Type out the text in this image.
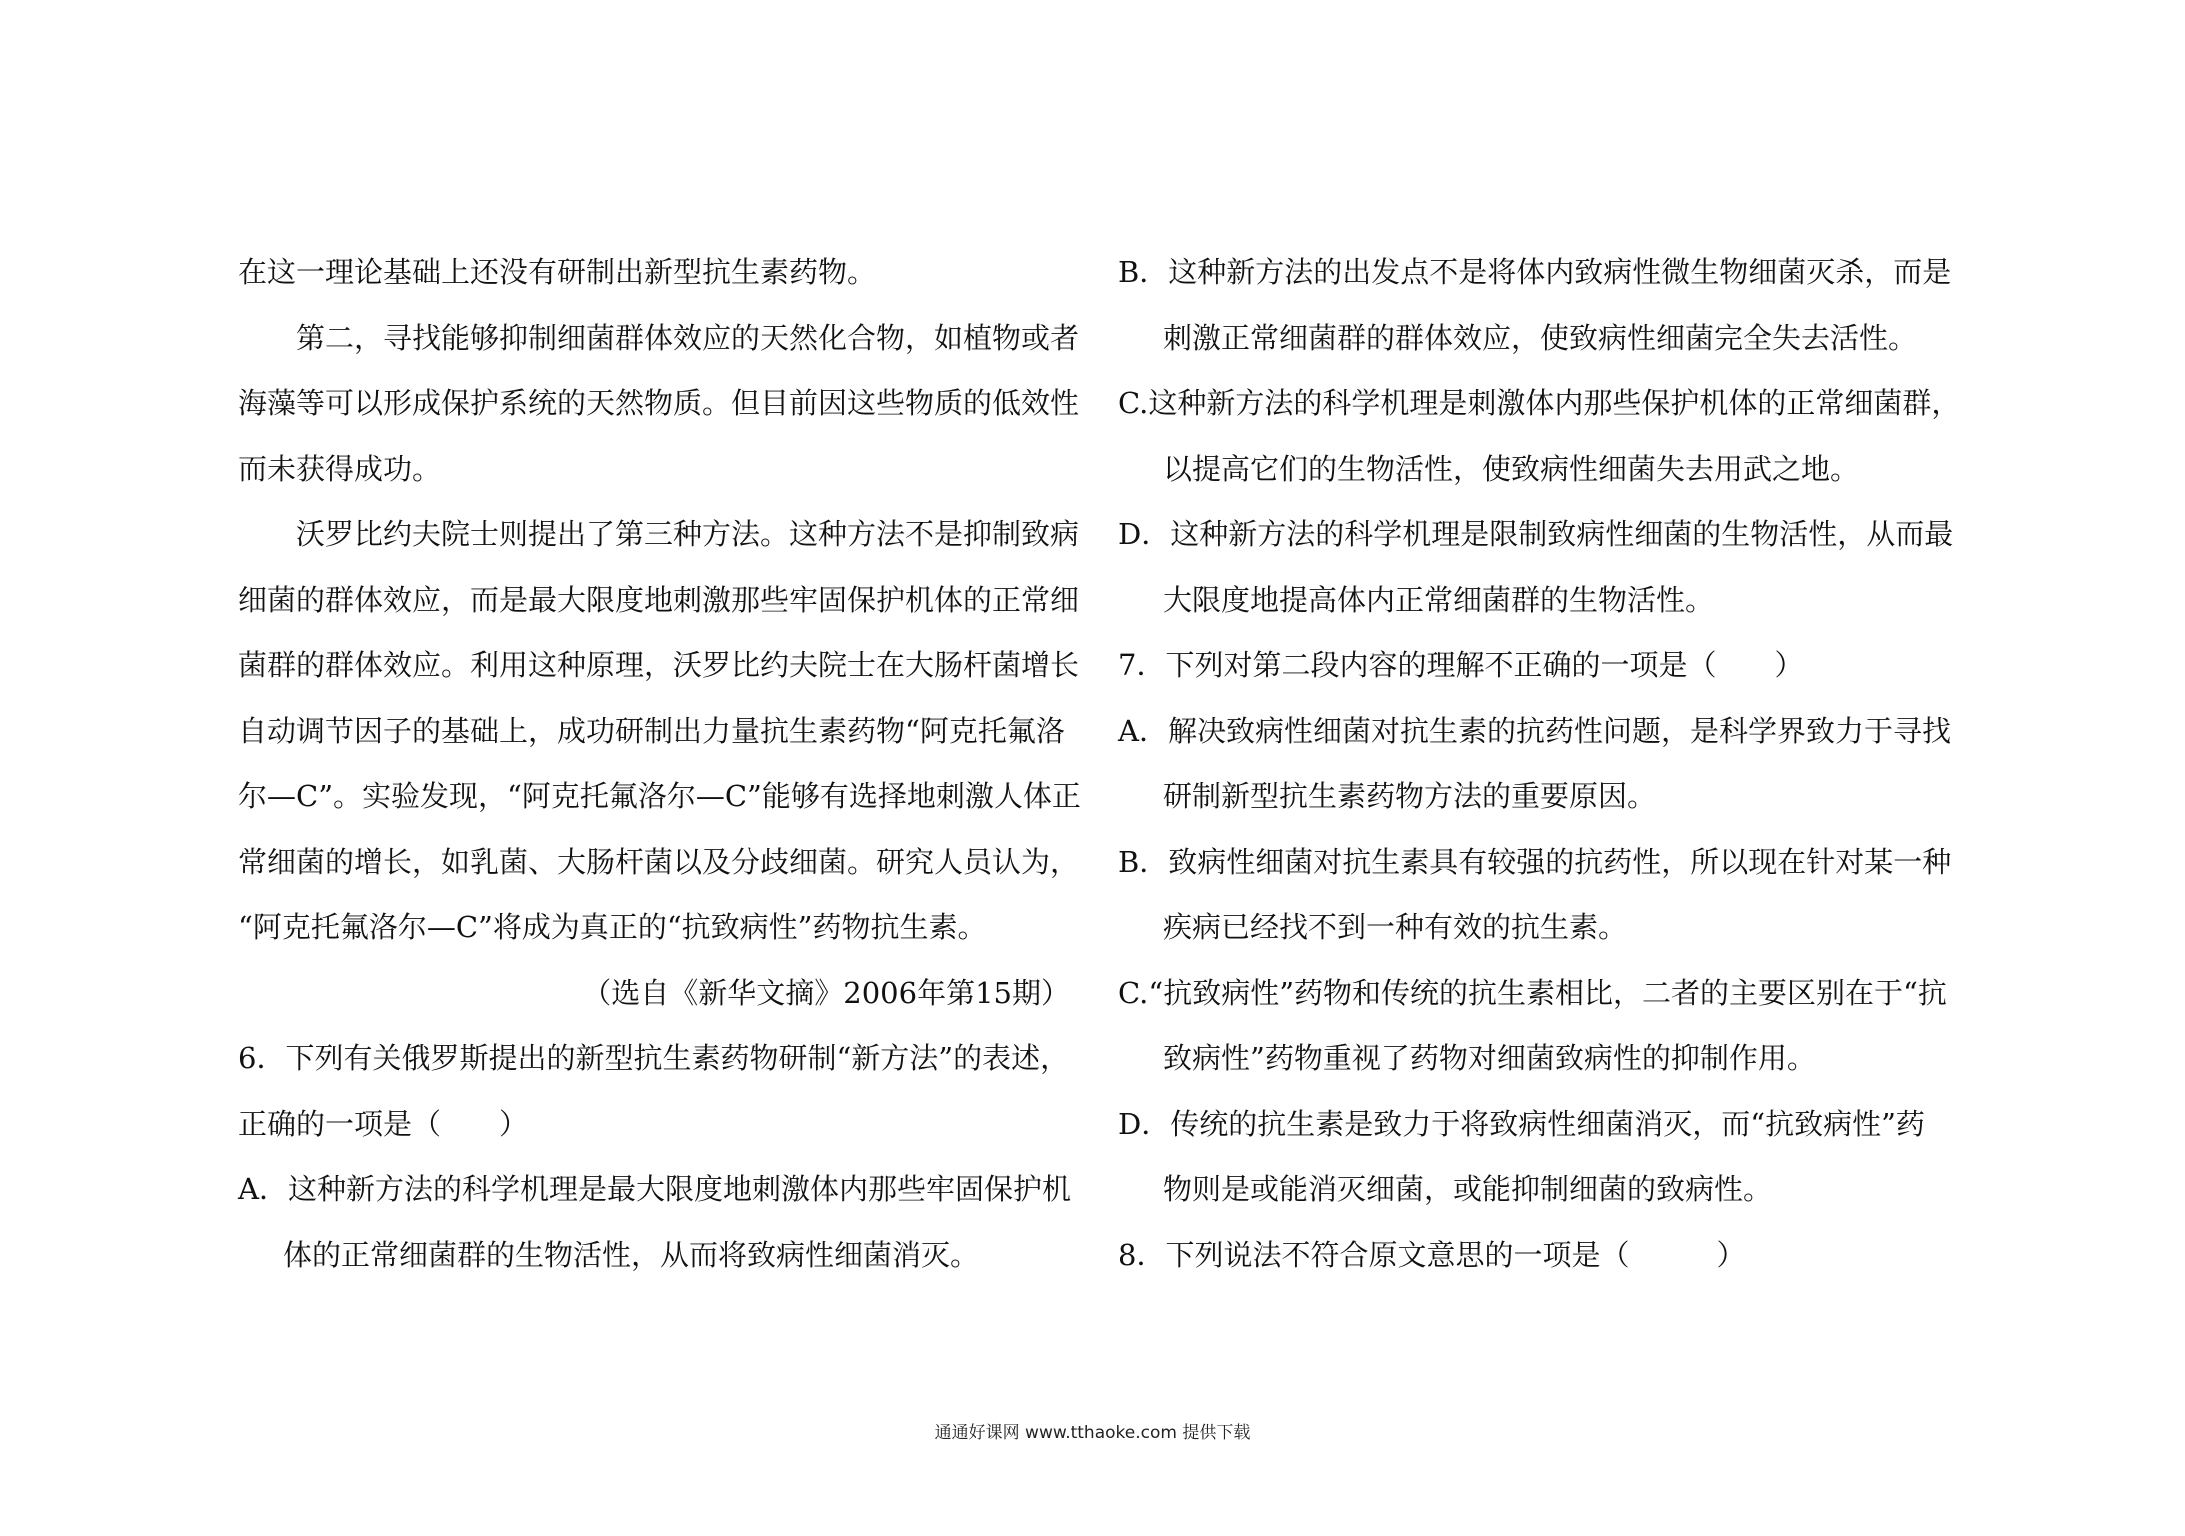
在这一理论基础上还没有研制出新型抗生素药物。
第二，寻找能够抑制细菌群体效应的天然化合物，如植物或者
海藻等可以形成保护系统的天然物质。但目前因这些物质的低效性
而未获得成功。
沃罗比约夫院士则提出了第三种方法。这种方法不是抑制致病
细菌的群体效应，而是最大限度地刺激那些牢固保护机体的正常细
菌群的群体效应。利用这种原理，沃罗比约夫院士在大肠杆菌增长
自动调节因子的基础上，成功研制出力量抗生素药物“阿克托氟洛
尔—C”。实验发现，“阿克托氟洛尔—C”能够有选择地刺激人体正
常细菌的增长，如乳菌、大肠杆菌以及分歧细菌。研究人员认为，
“阿克托氟洛尔—C”将成为真正的“抗致病性”药物抗生素。
（选自《新华文摘》2006年第15期）
6．下列有关俄罗斯提出的新型抗生素药物研制“新方法”的表述，
正确的一项是（　　）
A．这种新方法的科学机理是最大限度地刺激体内那些牢固保护机
体的正常细菌群的生物活性，从而将致病性细菌消灭。
B．这种新方法的出发点不是将体内致病性微生物细菌灭杀，而是
刺激正常细菌群的群体效应，使致病性细菌完全失去活性。
C.这种新方法的科学机理是刺激体内那些保护机体的正常细菌群，
以提高它们的生物活性，使致病性细菌失去用武之地。
D．这种新方法的科学机理是限制致病性细菌的生物活性，从而最
大限度地提高体内正常细菌群的生物活性。
7．下列对第二段内容的理解不正确的一项是（　　）
A．解决致病性细菌对抗生素的抗药性问题，是科学界致力于寻找
研制新型抗生素药物方法的重要原因。
B．致病性细菌对抗生素具有较强的抗药性，所以现在针对某一种
疾病已经找不到一种有效的抗生素。
C.“抗致病性”药物和传统的抗生素相比，二者的主要区别在于“抗
致病性”药物重视了药物对细菌致病性的抑制作用。
D．传统的抗生素是致力于将致病性细菌消灭，而“抗致病性”药
物则是或能消灭细菌，或能抑制细菌的致病性。
8．下列说法不符合原文意思的一项是（　　　）
通通好课网 www.tthaoke.com 提供下载
